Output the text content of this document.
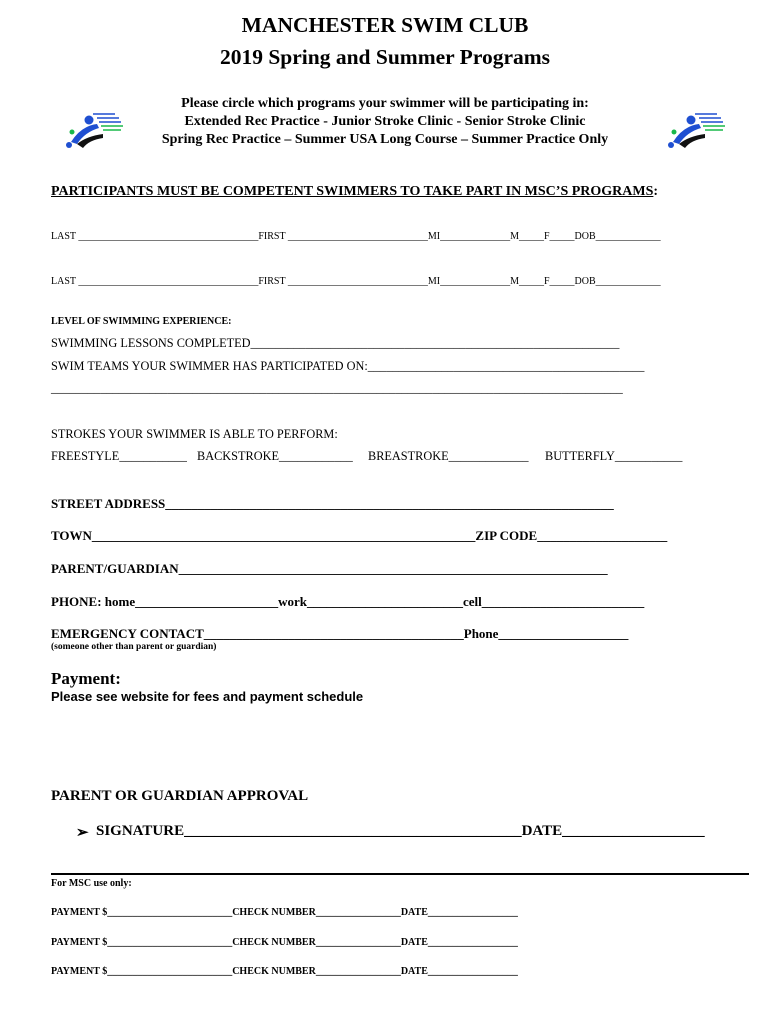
MANCHESTER SWIM CLUB
2019 Spring and Summer Programs
Please circle which programs your swimmer will be participating in:
Extended Rec Practice - Junior Stroke Clinic - Senior Stroke Clinic
Spring Rec Practice – Summer USA Long Course – Summer Practice Only
PARTICIPANTS MUST BE COMPETENT SWIMMERS TO TAKE PART IN MSC’S PROGRAMS:
LAST ____________________________________FIRST ____________________________MI______________M_____F_____DOB_____________
LAST ____________________________________FIRST ____________________________MI______________M_____F_____DOB_____________
LEVEL OF SWIMMING EXPERIENCE:
SWIMMING LESSONS COMPLETED____________________________________________________________
SWIM TEAMS YOUR SWIMMER HAS PARTICIPATED ON:_____________________________________________
_____________________________________________________________________________________________
STROKES YOUR SWIMMER IS ABLE TO PERFORM:
FREESTYLE___________ BACKSTROKE____________ BREASTROKE_____________ BUTTERFLY___________
STREET ADDRESS_____________________________________________________________________
TOWN___________________________________________________________ZIP CODE____________________
PARENT/GUARDIAN__________________________________________________________________
PHONE: home______________________work________________________cell_________________________
EMERGENCY CONTACT________________________________________Phone____________________
(someone other than parent or guardian)
Payment:
Please see website for fees and payment schedule
PARENT OR GUARDIAN APPROVAL
➢ SIGNATURE_____________________________________________DATE___________________
For MSC use only:
PAYMENT $_________________________CHECK NUMBER_________________DATE__________________
PAYMENT $_________________________CHECK NUMBER_________________DATE__________________
PAYMENT $_________________________CHECK NUMBER_________________DATE__________________
